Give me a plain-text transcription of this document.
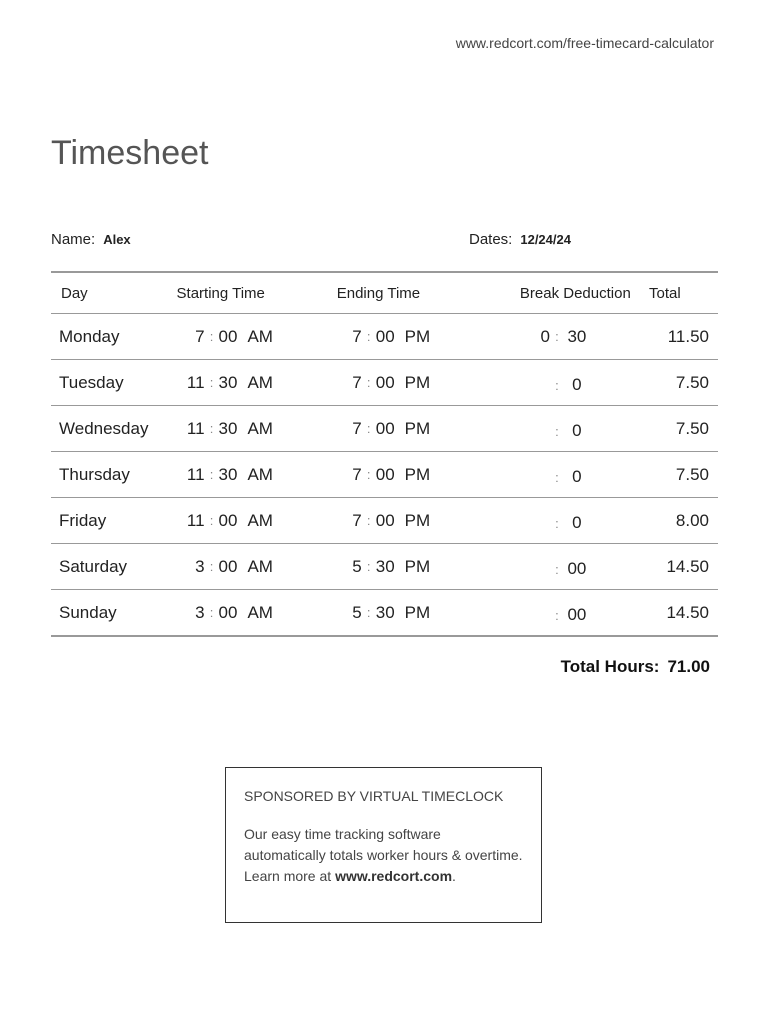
www.redcort.com/free-timecard-calculator
Timesheet
Name: Alex	Dates: 12/24/24
Day	Starting Time	Ending Time	Break Deduction	Total
Monday	7 : 00 AM	7 : 00 PM	0 : 30	11.50
Tuesday	11 : 30 AM	7 : 00 PM	: 0	7.50
Wednesday	11 : 30 AM	7 : 00 PM	: 0	7.50
Thursday	11 : 30 AM	7 : 00 PM	: 0	7.50
Friday	11 : 00 AM	7 : 00 PM	: 0	8.00
Saturday	3 : 00 AM	5 : 30 PM	: 00	14.50
Sunday	3 : 00 AM	5 : 30 PM	: 00	14.50
Total Hours: 71.00
SPONSORED BY VIRTUAL TIMECLOCK
Our easy time tracking software automatically totals worker hours & overtime. Learn more at www.redcort.com.
